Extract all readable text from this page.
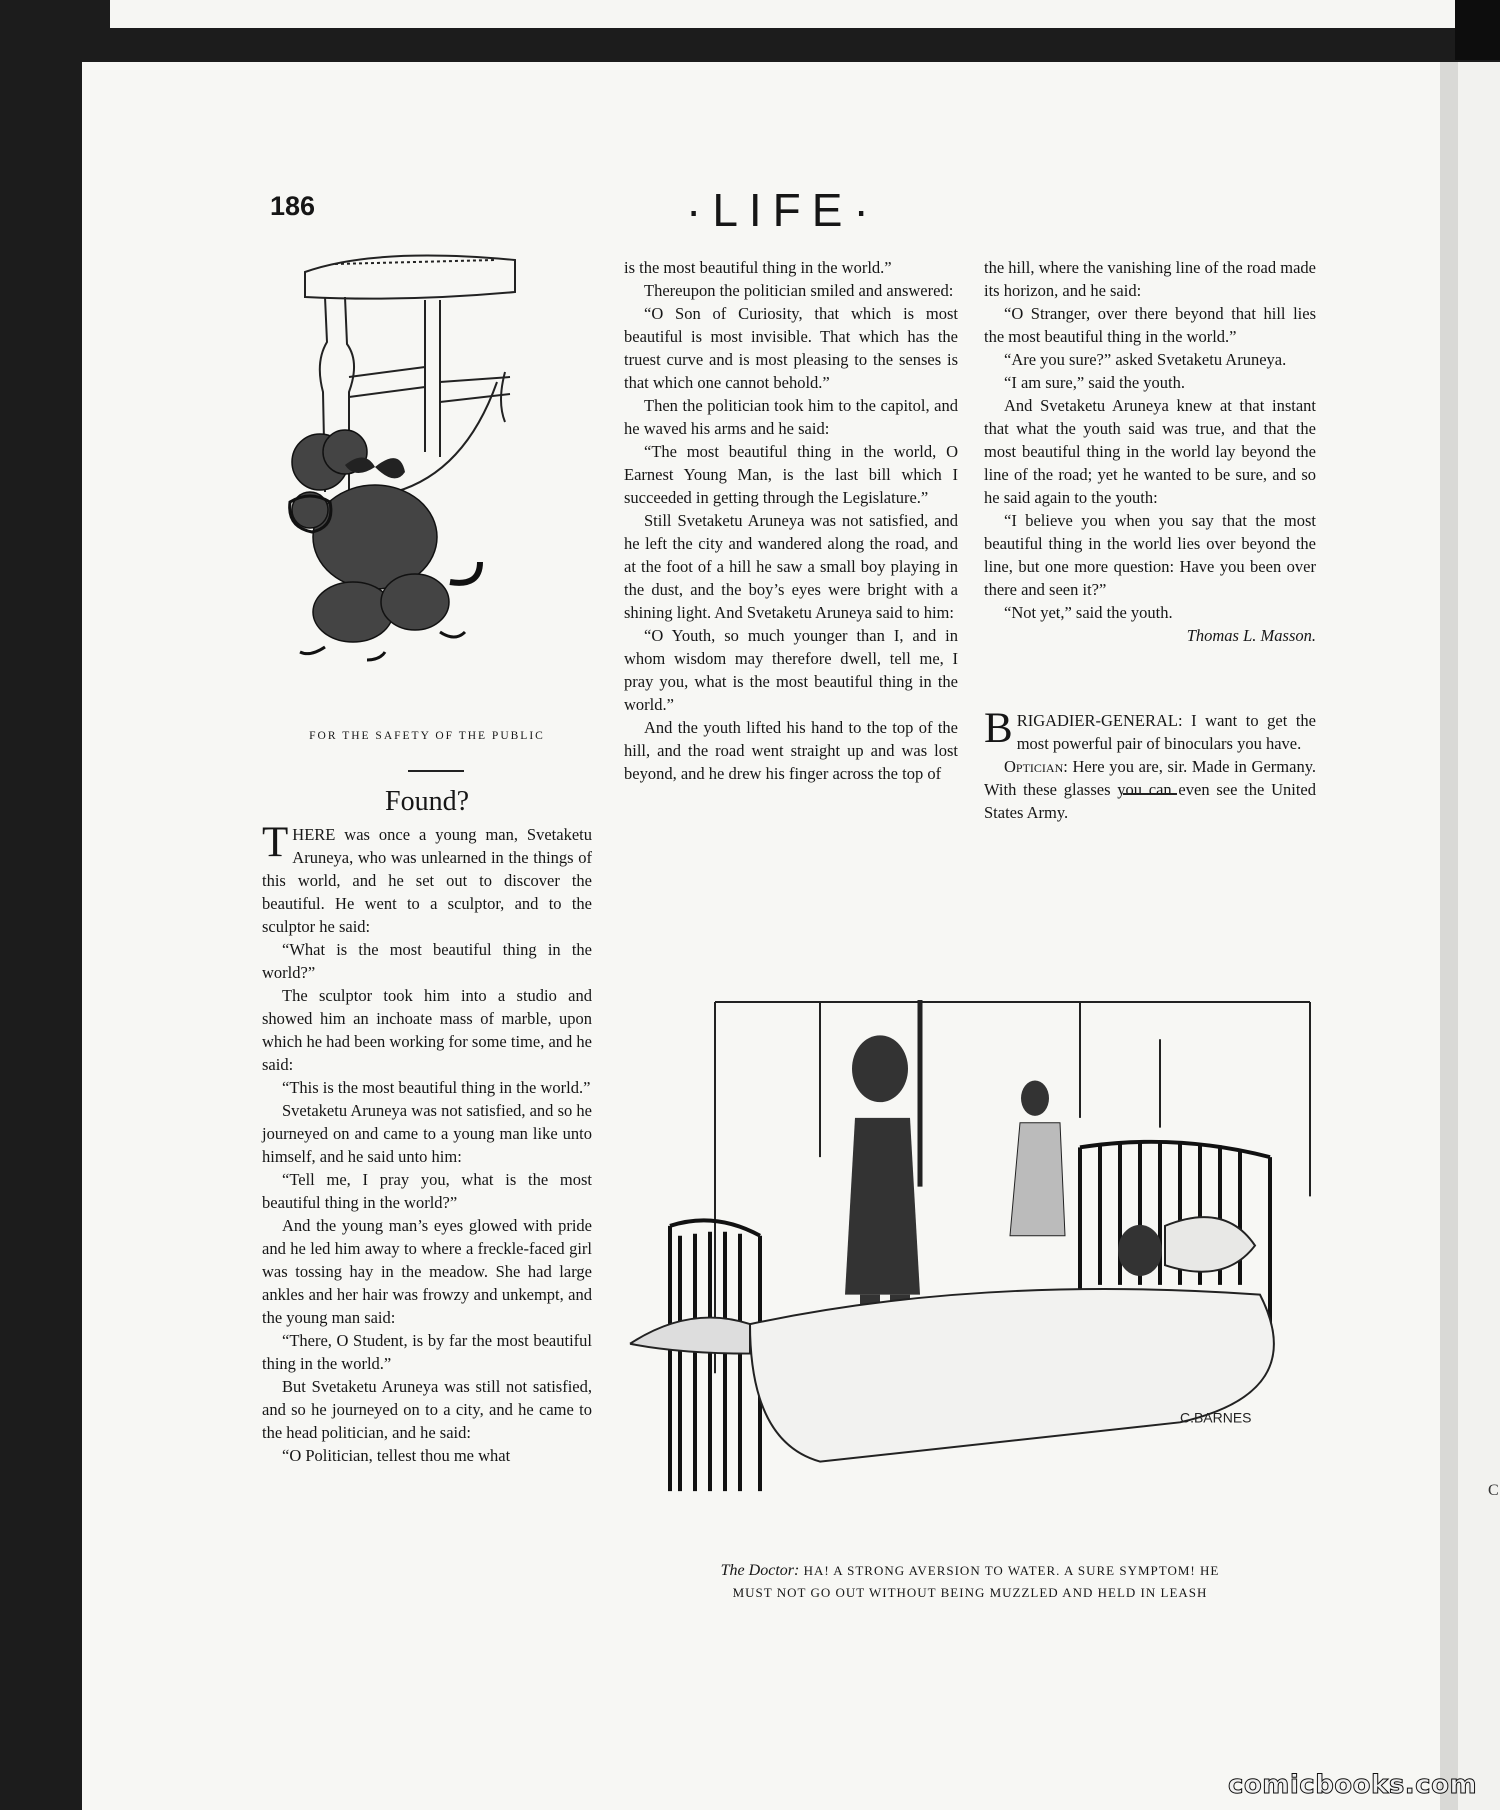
C
186	·LIFE·
FOR THE SAFETY OF THE PUBLIC
Found?

THERE was once a young man, Svetaketu Aruneya, who was unlearned in the things of this world, and he set out to discover the beautiful. He went to a sculptor, and to the sculptor he said:

“What is the most beautiful thing in the world?”

The sculptor took him into a studio and showed him an inchoate mass of marble, upon which he had been working for some time, and he said:

“This is the most beautiful thing in the world.”

Svetaketu Aruneya was not satisfied, and so he journeyed on and came to a young man like unto himself, and he said unto him:

“Tell me, I pray you, what is the most beautiful thing in the world?”

And the young man’s eyes glowed with pride and he led him away to where a freckle-faced girl was tossing hay in the meadow. She had large ankles and her hair was frowzy and unkempt, and the young man said:

“There, O Student, is by far the most beautiful thing in the world.”

But Svetaketu Aruneya was still not satisfied, and so he journeyed on to a city, and he came to the head politician, and he said:

“O Politician, tellest thou me what

is the most beautiful thing in the world.”

Thereupon the politician smiled and answered:

“O Son of Curiosity, that which is most beautiful is most invisible. That which has the truest curve and is most pleasing to the senses is that which one cannot behold.”

Then the politician took him to the capitol, and he waved his arms and he said:

“The most beautiful thing in the world, O Earnest Young Man, is the last bill which I succeeded in getting through the Legislature.”

Still Svetaketu Aruneya was not satisfied, and he left the city and wandered along the road, and at the foot of a hill he saw a small boy playing in the dust, and the boy’s eyes were bright with a shining light. And Svetaketu Aruneya said to him:

“O Youth, so much younger than I, and in whom wisdom may therefore dwell, tell me, I pray you, what is the most beautiful thing in the world.”

And the youth lifted his hand to the top of the hill, and the road went straight up and was lost beyond, and he drew his finger across the top of

the hill, where the vanishing line of the road made its horizon, and he said:

“O Stranger, over there beyond that hill lies the most beautiful thing in the world.”

“Are you sure?” asked Svetaketu Aruneya.

“I am sure,” said the youth.

And Svetaketu Aruneya knew at that instant that what the youth said was true, and that the most beautiful thing in the world lay beyond the line of the road; yet he wanted to be sure, and so he said again to the youth:

“I believe you when you say that the most beautiful thing in the world lies over beyond the line, but one more question: Have you been over there and seen it?”

“Not yet,” said the youth.

Thomas L. Masson.

BRIGADIER-GENERAL: I want to get the most powerful pair of binoculars you have.

Optician: Here you are, sir. Made in Germany. With these glasses you can even see the United States Army.

C.BARNES
The Doctor: HA! A STRONG AVERSION TO WATER. A SURE SYMPTOM! HE
MUST NOT GO OUT WITHOUT BEING MUZZLED AND HELD IN LEASH
comicbooks.com
